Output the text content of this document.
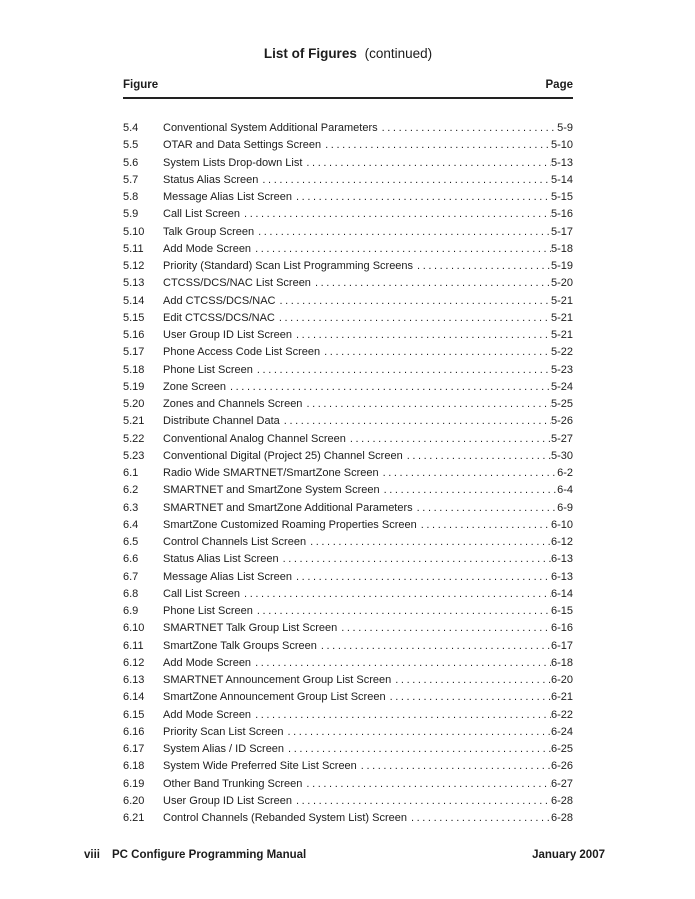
List of Figures (continued)
Figure	Page
5.4	Conventional System Additional Parameters .....	5-9
5.5	OTAR and Data Settings Screen .....	5-10
5.6	System Lists Drop-down List .....	5-13
5.7	Status Alias Screen .....	5-14
5.8	Message Alias List Screen .....	5-15
5.9	Call List Screen .....	5-16
5.10	Talk Group Screen .....	5-17
5.11	Add Mode Screen .....	5-18
5.12	Priority (Standard) Scan List Programming Screens .....	5-19
5.13	CTCSS/DCS/NAC List Screen .....	5-20
5.14	Add CTCSS/DCS/NAC .....	5-21
5.15	Edit CTCSS/DCS/NAC .....	5-21
5.16	User Group ID List Screen .....	5-21
5.17	Phone Access Code List Screen .....	5-22
5.18	Phone List Screen .....	5-23
5.19	Zone Screen .....	5-24
5.20	Zones and Channels Screen .....	5-25
5.21	Distribute Channel Data .....	5-26
5.22	Conventional Analog Channel Screen .....	5-27
5.23	Conventional Digital (Project 25) Channel Screen .....	5-30
6.1	Radio Wide SMARTNET/SmartZone Screen .....	6-2
6.2	SMARTNET and SmartZone System Screen .....	6-4
6.3	SMARTNET and SmartZone Additional Parameters .....	6-9
6.4	SmartZone Customized Roaming Properties Screen .....	6-10
6.5	Control Channels List Screen .....	6-12
6.6	Status Alias List Screen .....	6-13
6.7	Message Alias List Screen .....	6-13
6.8	Call List Screen .....	6-14
6.9	Phone List Screen .....	6-15
6.10	SMARTNET Talk Group List Screen .....	6-16
6.11	SmartZone Talk Groups Screen .....	6-17
6.12	Add Mode Screen .....	6-18
6.13	SMARTNET Announcement Group List Screen .....	6-20
6.14	SmartZone Announcement Group List Screen .....	6-21
6.15	Add Mode Screen .....	6-22
6.16	Priority Scan List Screen .....	6-24
6.17	System Alias / ID Screen .....	6-25
6.18	System Wide Preferred Site List Screen .....	6-26
6.19	Other Band Trunking Screen .....	6-27
6.20	User Group ID List Screen .....	6-28
6.21	Control Channels (Rebanded System List) Screen .....	6-28
viii PC Configure Programming Manual	January 2007
